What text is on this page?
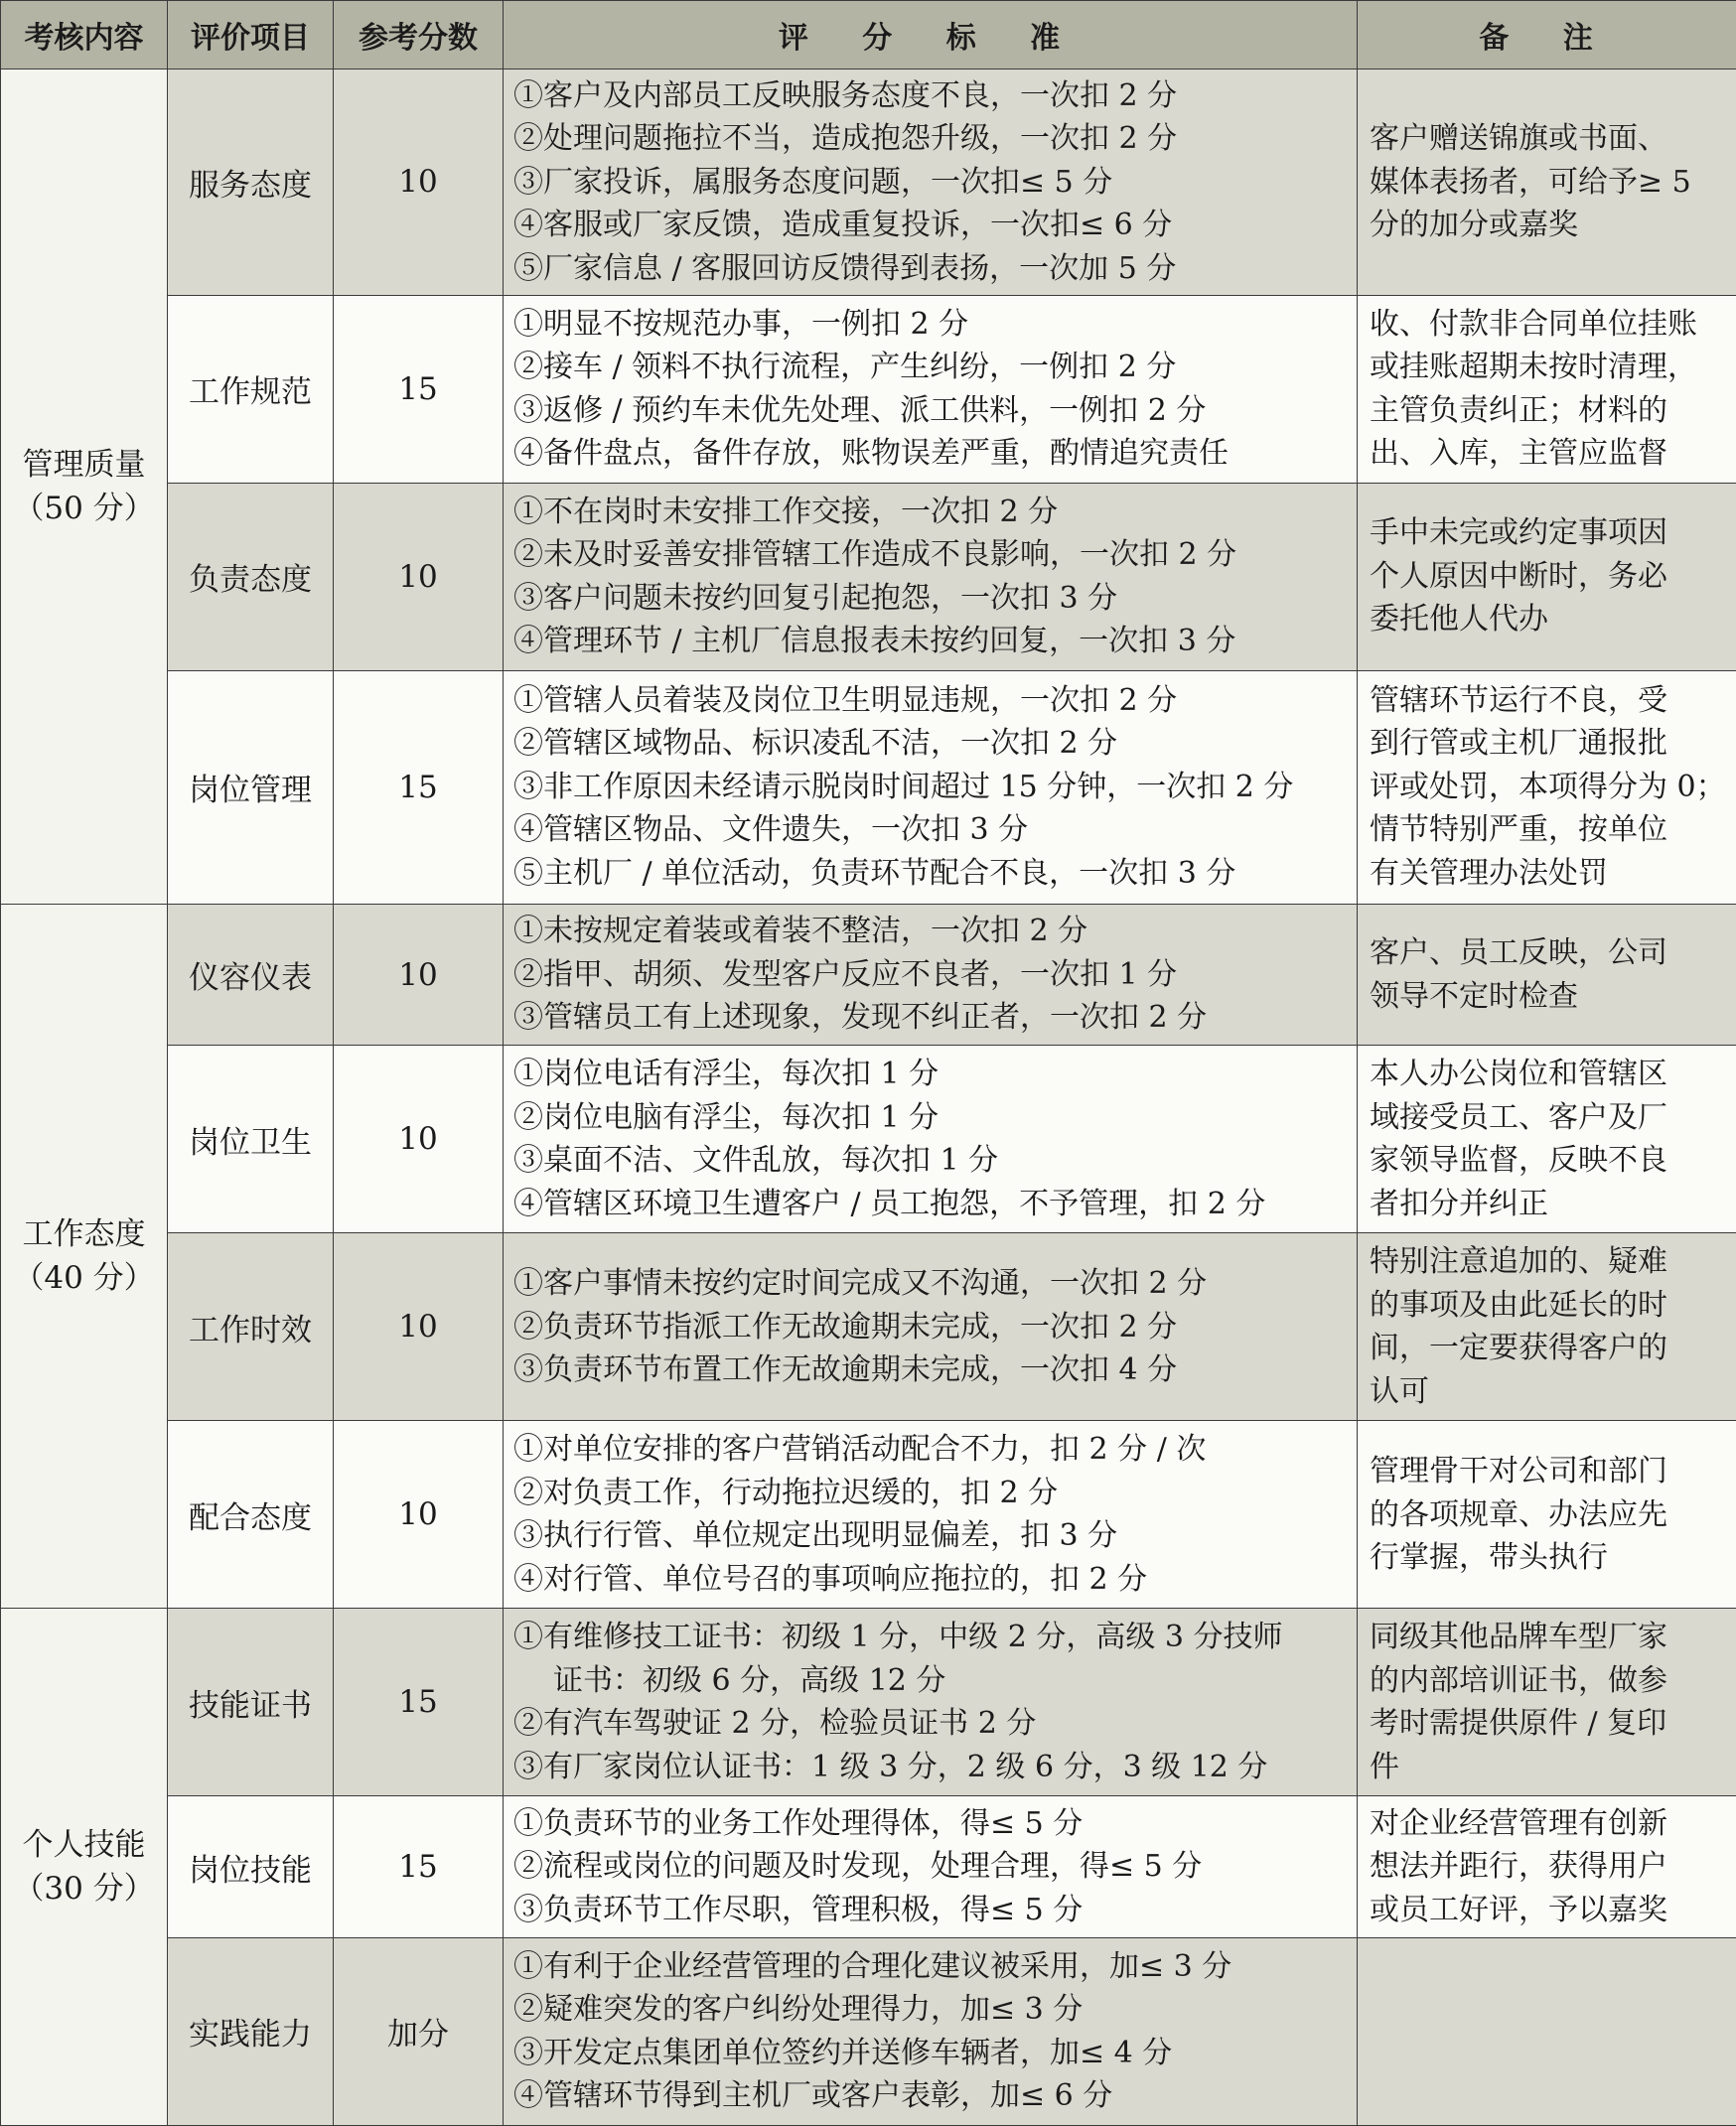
考核内容	评价项目	参考分数	评 分 标 准	备 注

管理质量
（50 分）	服务态度	10	①客户及内部员工反映服务态度不良，一次扣 2 分
②处理问题拖拉不当，造成抱怨升级，一次扣 2 分
③厂家投诉，属服务态度问题，一次扣≤ 5 分
④客服或厂家反馈，造成重复投诉，一次扣≤ 6 分
⑤厂家信息 / 客服回访反馈得到表扬，一次加 5 分	客户赠送锦旗或书面、
媒体表扬者，可给予≥ 5
分的加分或嘉奖

	工作规范	15	①明显不按规范办事，一例扣 2 分
②接车 / 领料不执行流程，产生纠纷，一例扣 2 分
③返修 / 预约车未优先处理、派工供料，一例扣 2 分
④备件盘点，备件存放，账物误差严重，酌情追究责任	收、付款非合同单位挂账
或挂账超期未按时清理，
主管负责纠正；材料的
出、入库，主管应监督

	负责态度	10	①不在岗时未安排工作交接，一次扣 2 分
②未及时妥善安排管辖工作造成不良影响，一次扣 2 分
③客户问题未按约回复引起抱怨，一次扣 3 分
④管理环节 / 主机厂信息报表未按约回复，一次扣 3 分	手中未完或约定事项因
个人原因中断时，务必
委托他人代办

	岗位管理	15	①管辖人员着装及岗位卫生明显违规，一次扣 2 分
②管辖区域物品、标识凌乱不洁，一次扣 2 分
③非工作原因未经请示脱岗时间超过 15 分钟，一次扣 2 分
④管辖区物品、文件遗失，一次扣 3 分
⑤主机厂 / 单位活动，负责环节配合不良，一次扣 3 分	管辖环节运行不良，受
到行管或主机厂通报批
评或处罚，本项得分为 0；
情节特别严重，按单位
有关管理办法处罚

工作态度
（40 分）	仪容仪表	10	①未按规定着装或着装不整洁，一次扣 2 分
②指甲、胡须、发型客户反应不良者，一次扣 1 分
③管辖员工有上述现象，发现不纠正者，一次扣 2 分	客户、员工反映，公司
领导不定时检查

	岗位卫生	10	①岗位电话有浮尘，每次扣 1 分
②岗位电脑有浮尘，每次扣 1 分
③桌面不洁、文件乱放，每次扣 1 分
④管辖区环境卫生遭客户 / 员工抱怨，不予管理，扣 2 分	本人办公岗位和管辖区
域接受员工、客户及厂
家领导监督，反映不良
者扣分并纠正

	工作时效	10	①客户事情未按约定时间完成又不沟通，一次扣 2 分
②负责环节指派工作无故逾期未完成，一次扣 2 分
③负责环节布置工作无故逾期未完成，一次扣 4 分	特别注意追加的、疑难
的事项及由此延长的时
间，一定要获得客户的
认可

	配合态度	10	①对单位安排的客户营销活动配合不力，扣 2 分 / 次
②对负责工作，行动拖拉迟缓的，扣 2 分
③执行行管、单位规定出现明显偏差，扣 3 分
④对行管、单位号召的事项响应拖拉的，扣 2 分	管理骨干对公司和部门
的各项规章、办法应先
行掌握，带头执行

个人技能
（30 分）	技能证书	15	①有维修技工证书：初级 1 分，中级 2 分，高级 3 分技师
证书：初级 6 分，高级 12 分
②有汽车驾驶证 2 分，检验员证书 2 分
③有厂家岗位认证书：1 级 3 分，2 级 6 分，3 级 12 分	同级其他品牌车型厂家
的内部培训证书，做参
考时需提供原件 / 复印
件

	岗位技能	15	①负责环节的业务工作处理得体，得≤ 5 分
②流程或岗位的问题及时发现，处理合理，得≤ 5 分
③负责环节工作尽职，管理积极，得≤ 5 分	对企业经营管理有创新
想法并距行，获得用户
或员工好评，予以嘉奖

	实践能力	加分	①有利于企业经营管理的合理化建议被采用，加≤ 3 分
②疑难突发的客户纠纷处理得力，加≤ 3 分
③开发定点集团单位签约并送修车辆者，加≤ 4 分
④管辖环节得到主机厂或客户表彰，加≤ 6 分	
